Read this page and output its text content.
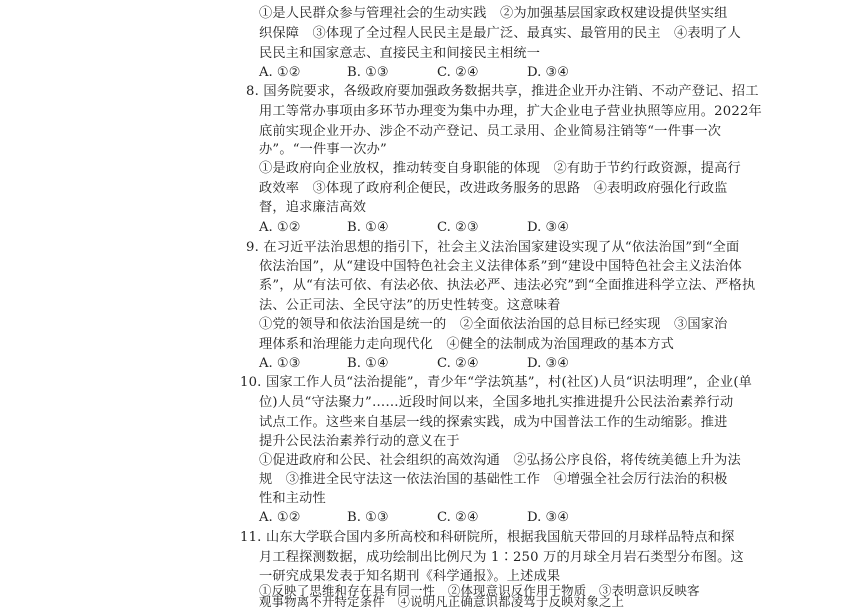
①是人民群众参与管理社会的生动实践　②为加强基层国家政权建设提供坚实组
织保障　③体现了全过程人民民主是最广泛、最真实、最管用的民主　④表明了人
民民主和国家意志、直接民主和间接民主相统一
A. ①②	B. ①③	C. ②④	D. ③④
8. 国务院要求，各级政府要加强政务数据共享，推进企业开办注销、不动产登记、招工
用工等常办事项由多环节办理变为集中办理，扩大企业电子营业执照等应用。2022年
底前实现企业开办、涉企不动产登记、员工录用、企业简易注销等“一件事一次
办”。“一件事一次办”
①是政府向企业放权，推动转变自身职能的体现　②有助于节约行政资源，提高行
政效率　③体现了政府利企便民，改进政务服务的思路　④表明政府强化行政监
督，追求廉洁高效
A. ①②	B. ①④	C. ②③	D. ③④
9. 在习近平法治思想的指引下，社会主义法治国家建设实现了从“依法治国”到“全面
依法治国”，从“建设中国特色社会主义法律体系”到“建设中国特色社会主义法治体
系”，从“有法可依、有法必依、执法必严、违法必究”到“全面推进科学立法、严格执
法、公正司法、全民守法”的历史性转变。这意味着
①党的领导和依法治国是统一的　②全面依法治国的总目标已经实现　③国家治
理体系和治理能力走向现代化　④健全的法制成为治国理政的基本方式
A. ①③	B. ①④	C. ②④	D. ③④
10. 国家工作人员“法治提能”，青少年“学法筑基”，村(社区)人员“识法明理”，企业(单
位)人员“守法聚力”……近段时间以来，全国多地扎实推进提升公民法治素养行动
试点工作。这些来自基层一线的探索实践，成为中国普法工作的生动缩影。推进
提升公民法治素养行动的意义在于
①促进政府和公民、社会组织的高效沟通　②弘扬公序良俗，将传统美德上升为法
规　③推进全民守法这一依法治国的基础性工作　④增强全社会厉行法治的积极
性和主动性
A. ①②	B. ①③	C. ②④	D. ③④
11. 山东大学联合国内多所高校和科研院所，根据我国航天带回的月球样品特点和探
月工程探测数据，成功绘制出比例尺为 1∶250 万的月球全月岩石类型分布图。这
一研究成果发表于知名期刊《科学通报》。上述成果
①反映了思维和存在具有同一性　②体现意识反作用于物质　③表明意识反映客
观事物离不开特定条件　④说明凡正确意识都凌驾于反映对象之上
